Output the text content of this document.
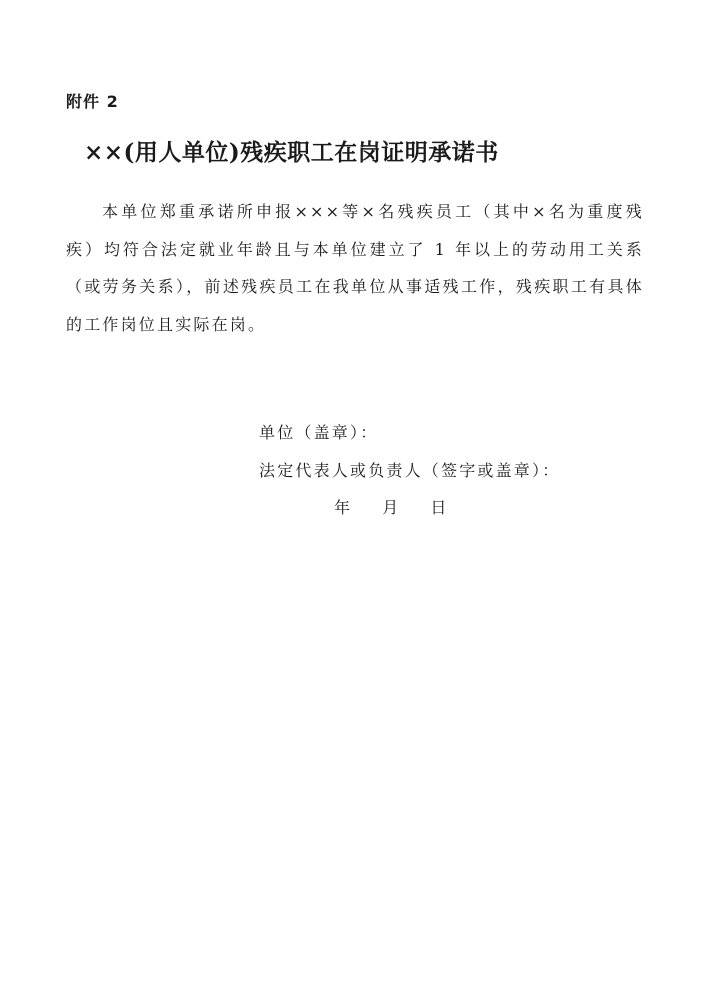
附件 2
××(用人单位)残疾职工在岗证明承诺书

本单位郑重承诺所申报×××等×名残疾员工（其中×名为重度残疾）均符合法定就业年龄且与本单位建立了 1 年以上的劳动用工关系（或劳务关系），前述残疾员工在我单位从事适残工作，残疾职工有具体的工作岗位且实际在岗。

单位（盖章）：
法定代表人或负责人（签字或盖章）：
年 月 日
